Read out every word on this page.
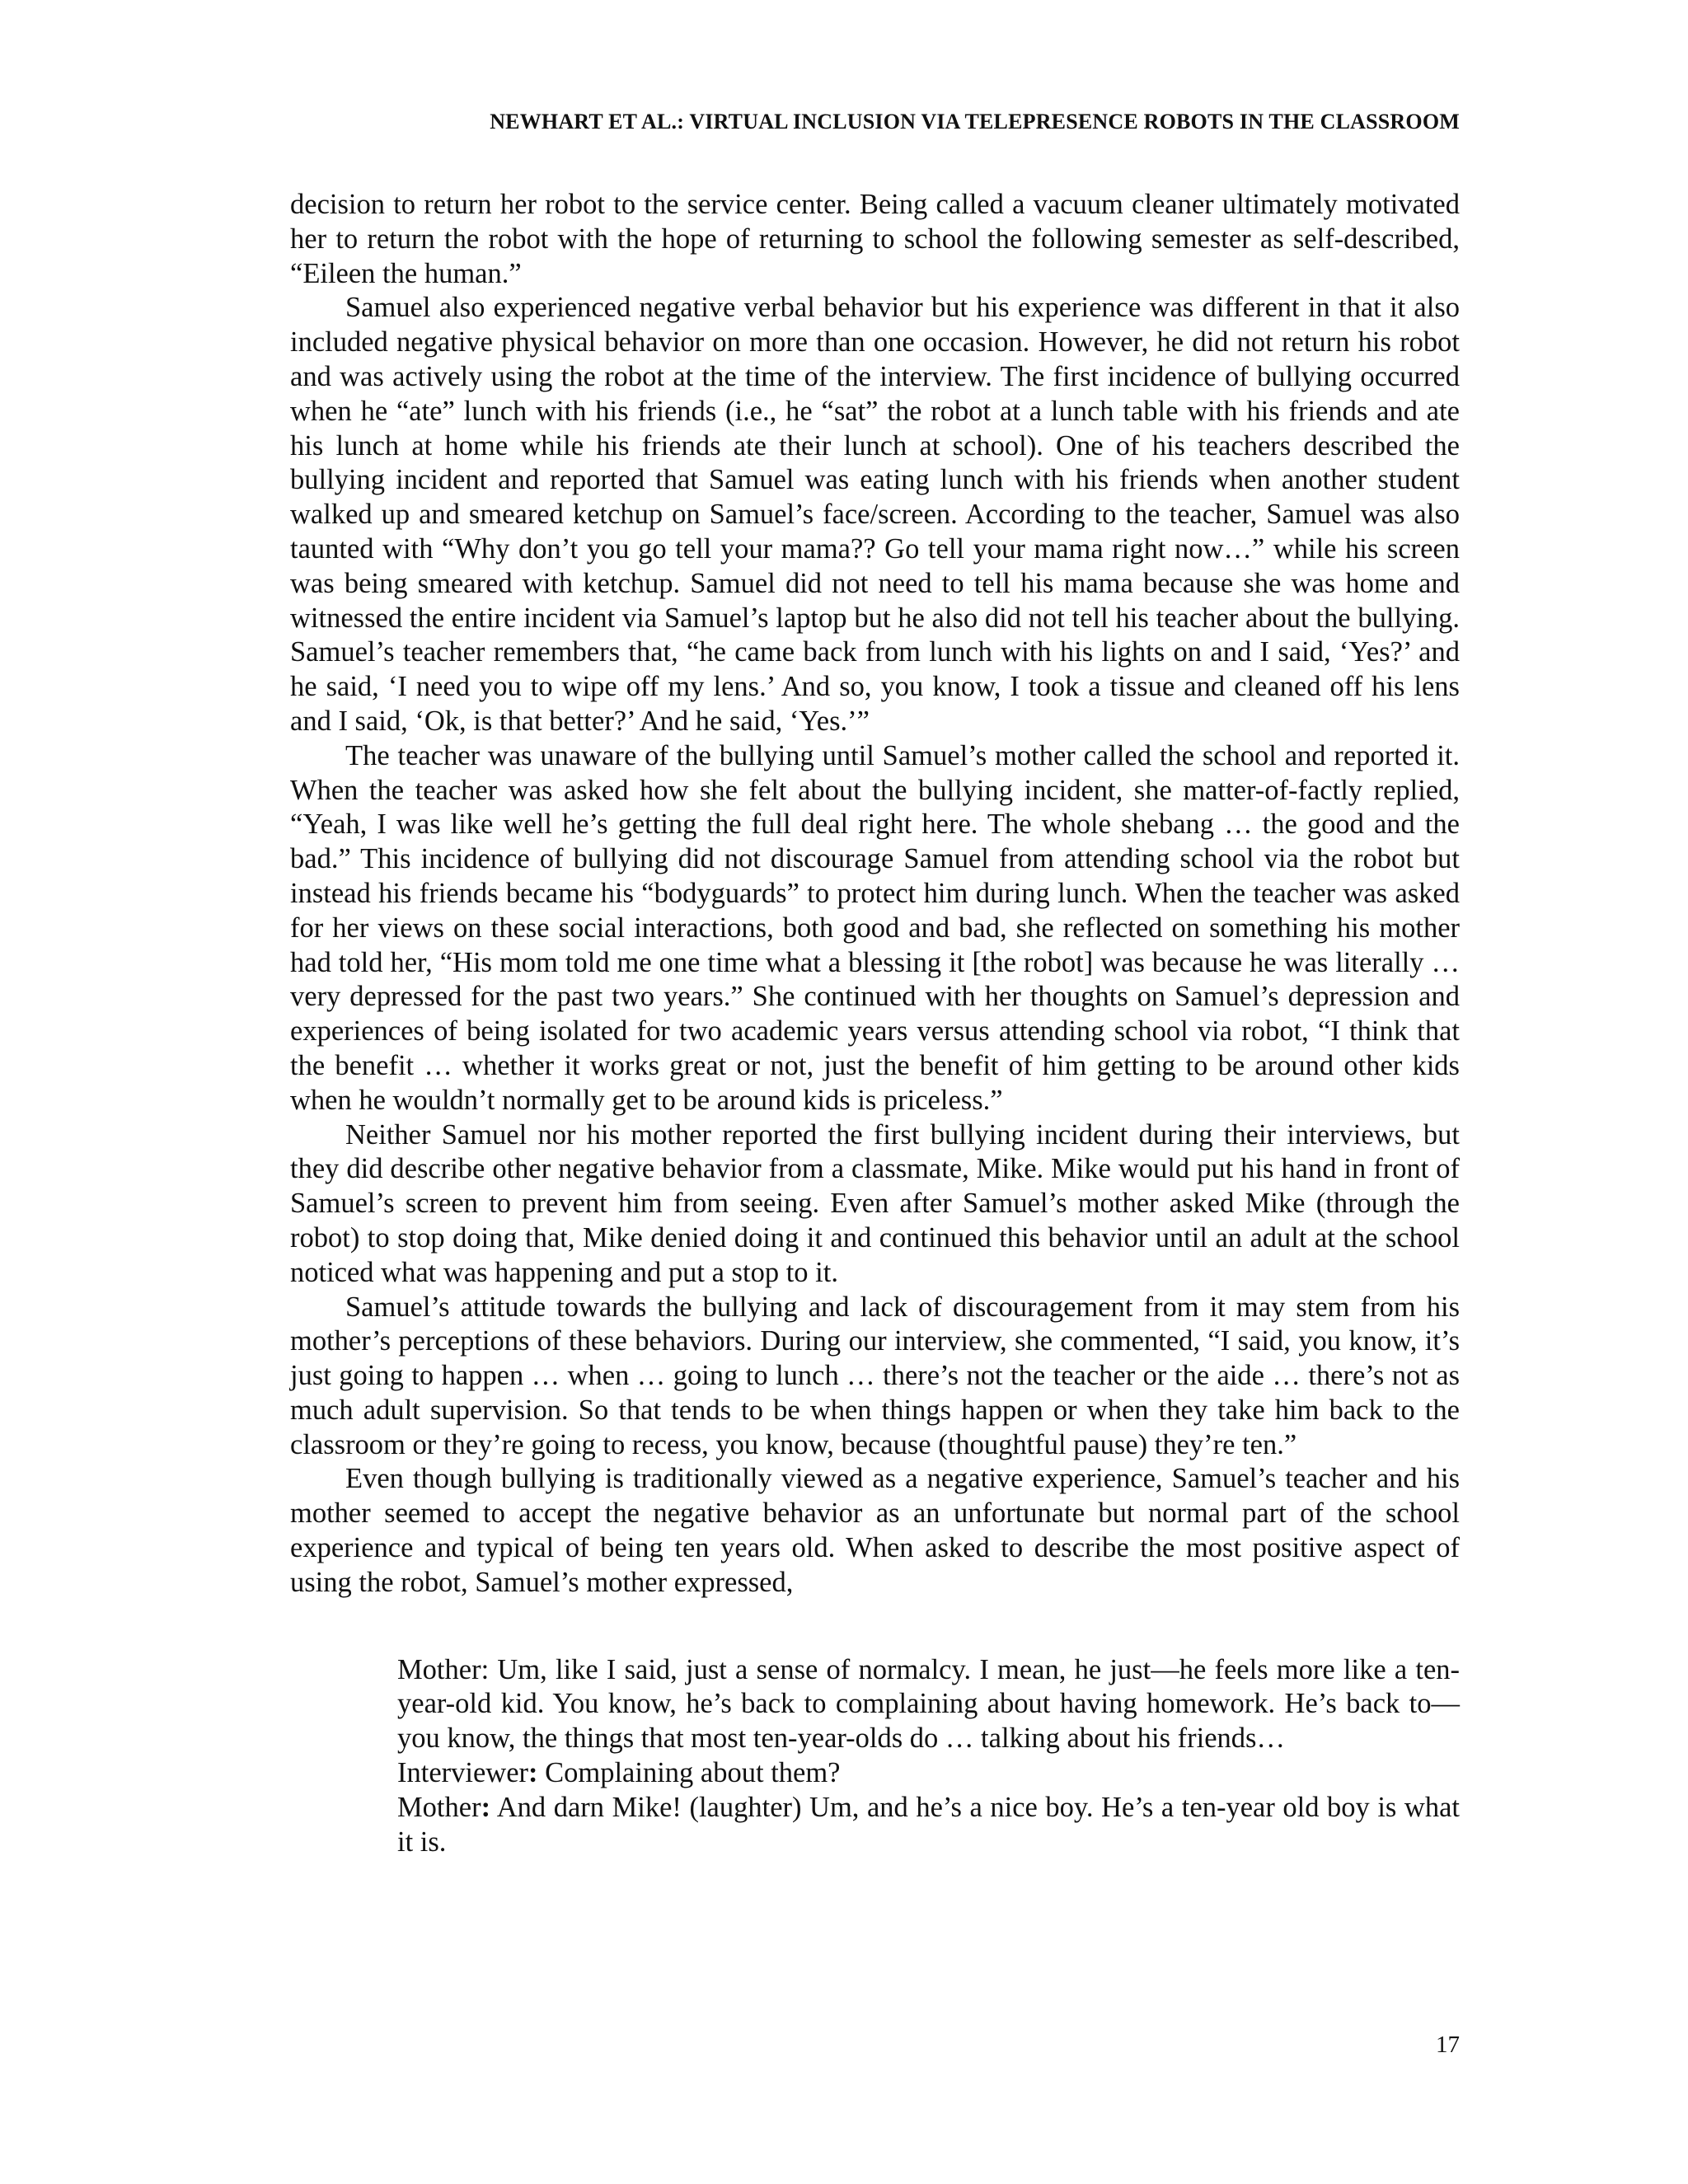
NEWHART ET AL.: VIRTUAL INCLUSION VIA TELEPRESENCE ROBOTS IN THE CLASSROOM

decision to return her robot to the service center. Being called a vacuum cleaner ultimately motivated her to return the robot with the hope of returning to school the following semester as self-described, “Eileen the human.”

Samuel also experienced negative verbal behavior but his experience was different in that it also included negative physical behavior on more than one occasion. However, he did not return his robot and was actively using the robot at the time of the interview. The first incidence of bullying occurred when he “ate” lunch with his friends (i.e., he “sat” the robot at a lunch table with his friends and ate his lunch at home while his friends ate their lunch at school). One of his teachers described the bullying incident and reported that Samuel was eating lunch with his friends when another student walked up and smeared ketchup on Samuel’s face/screen. According to the teacher, Samuel was also taunted with “Why don’t you go tell your mama?? Go tell your mama right now…” while his screen was being smeared with ketchup. Samuel did not need to tell his mama because she was home and witnessed the entire incident via Samuel’s laptop but he also did not tell his teacher about the bullying. Samuel’s teacher remembers that, “he came back from lunch with his lights on and I said, ‘Yes?’ and he said, ‘I need you to wipe off my lens.’ And so, you know, I took a tissue and cleaned off his lens and I said, ‘Ok, is that better?’ And he said, ‘Yes.’”

The teacher was unaware of the bullying until Samuel’s mother called the school and reported it. When the teacher was asked how she felt about the bullying incident, she matter-of-factly replied, “Yeah, I was like well he’s getting the full deal right here. The whole shebang … the good and the bad.” This incidence of bullying did not discourage Samuel from attending school via the robot but instead his friends became his “bodyguards” to protect him during lunch. When the teacher was asked for her views on these social interactions, both good and bad, she reflected on something his mother had told her, “His mom told me one time what a blessing it [the robot] was because he was literally … very depressed for the past two years.” She continued with her thoughts on Samuel’s depression and experiences of being isolated for two academic years versus attending school via robot, “I think that the benefit … whether it works great or not, just the benefit of him getting to be around other kids when he wouldn’t normally get to be around kids is priceless.”

Neither Samuel nor his mother reported the first bullying incident during their interviews, but they did describe other negative behavior from a classmate, Mike. Mike would put his hand in front of Samuel’s screen to prevent him from seeing. Even after Samuel’s mother asked Mike (through the robot) to stop doing that, Mike denied doing it and continued this behavior until an adult at the school noticed what was happening and put a stop to it.

Samuel’s attitude towards the bullying and lack of discouragement from it may stem from his mother’s perceptions of these behaviors. During our interview, she commented, “I said, you know, it’s just going to happen … when … going to lunch … there’s not the teacher or the aide … there’s not as much adult supervision. So that tends to be when things happen or when they take him back to the classroom or they’re going to recess, you know, because (thoughtful pause) they’re ten.”

Even though bullying is traditionally viewed as a negative experience, Samuel’s teacher and his mother seemed to accept the negative behavior as an unfortunate but normal part of the school experience and typical of being ten years old. When asked to describe the most positive aspect of using the robot, Samuel’s mother expressed,

Mother: Um, like I said, just a sense of normalcy. I mean, he just—he feels more like a ten-year-old kid. You know, he’s back to complaining about having homework. He’s back to—you know, the things that most ten-year-olds do … talking about his friends…

Interviewer: Complaining about them?

Mother: And darn Mike! (laughter) Um, and he’s a nice boy. He’s a ten-year old boy is what it is.

17
